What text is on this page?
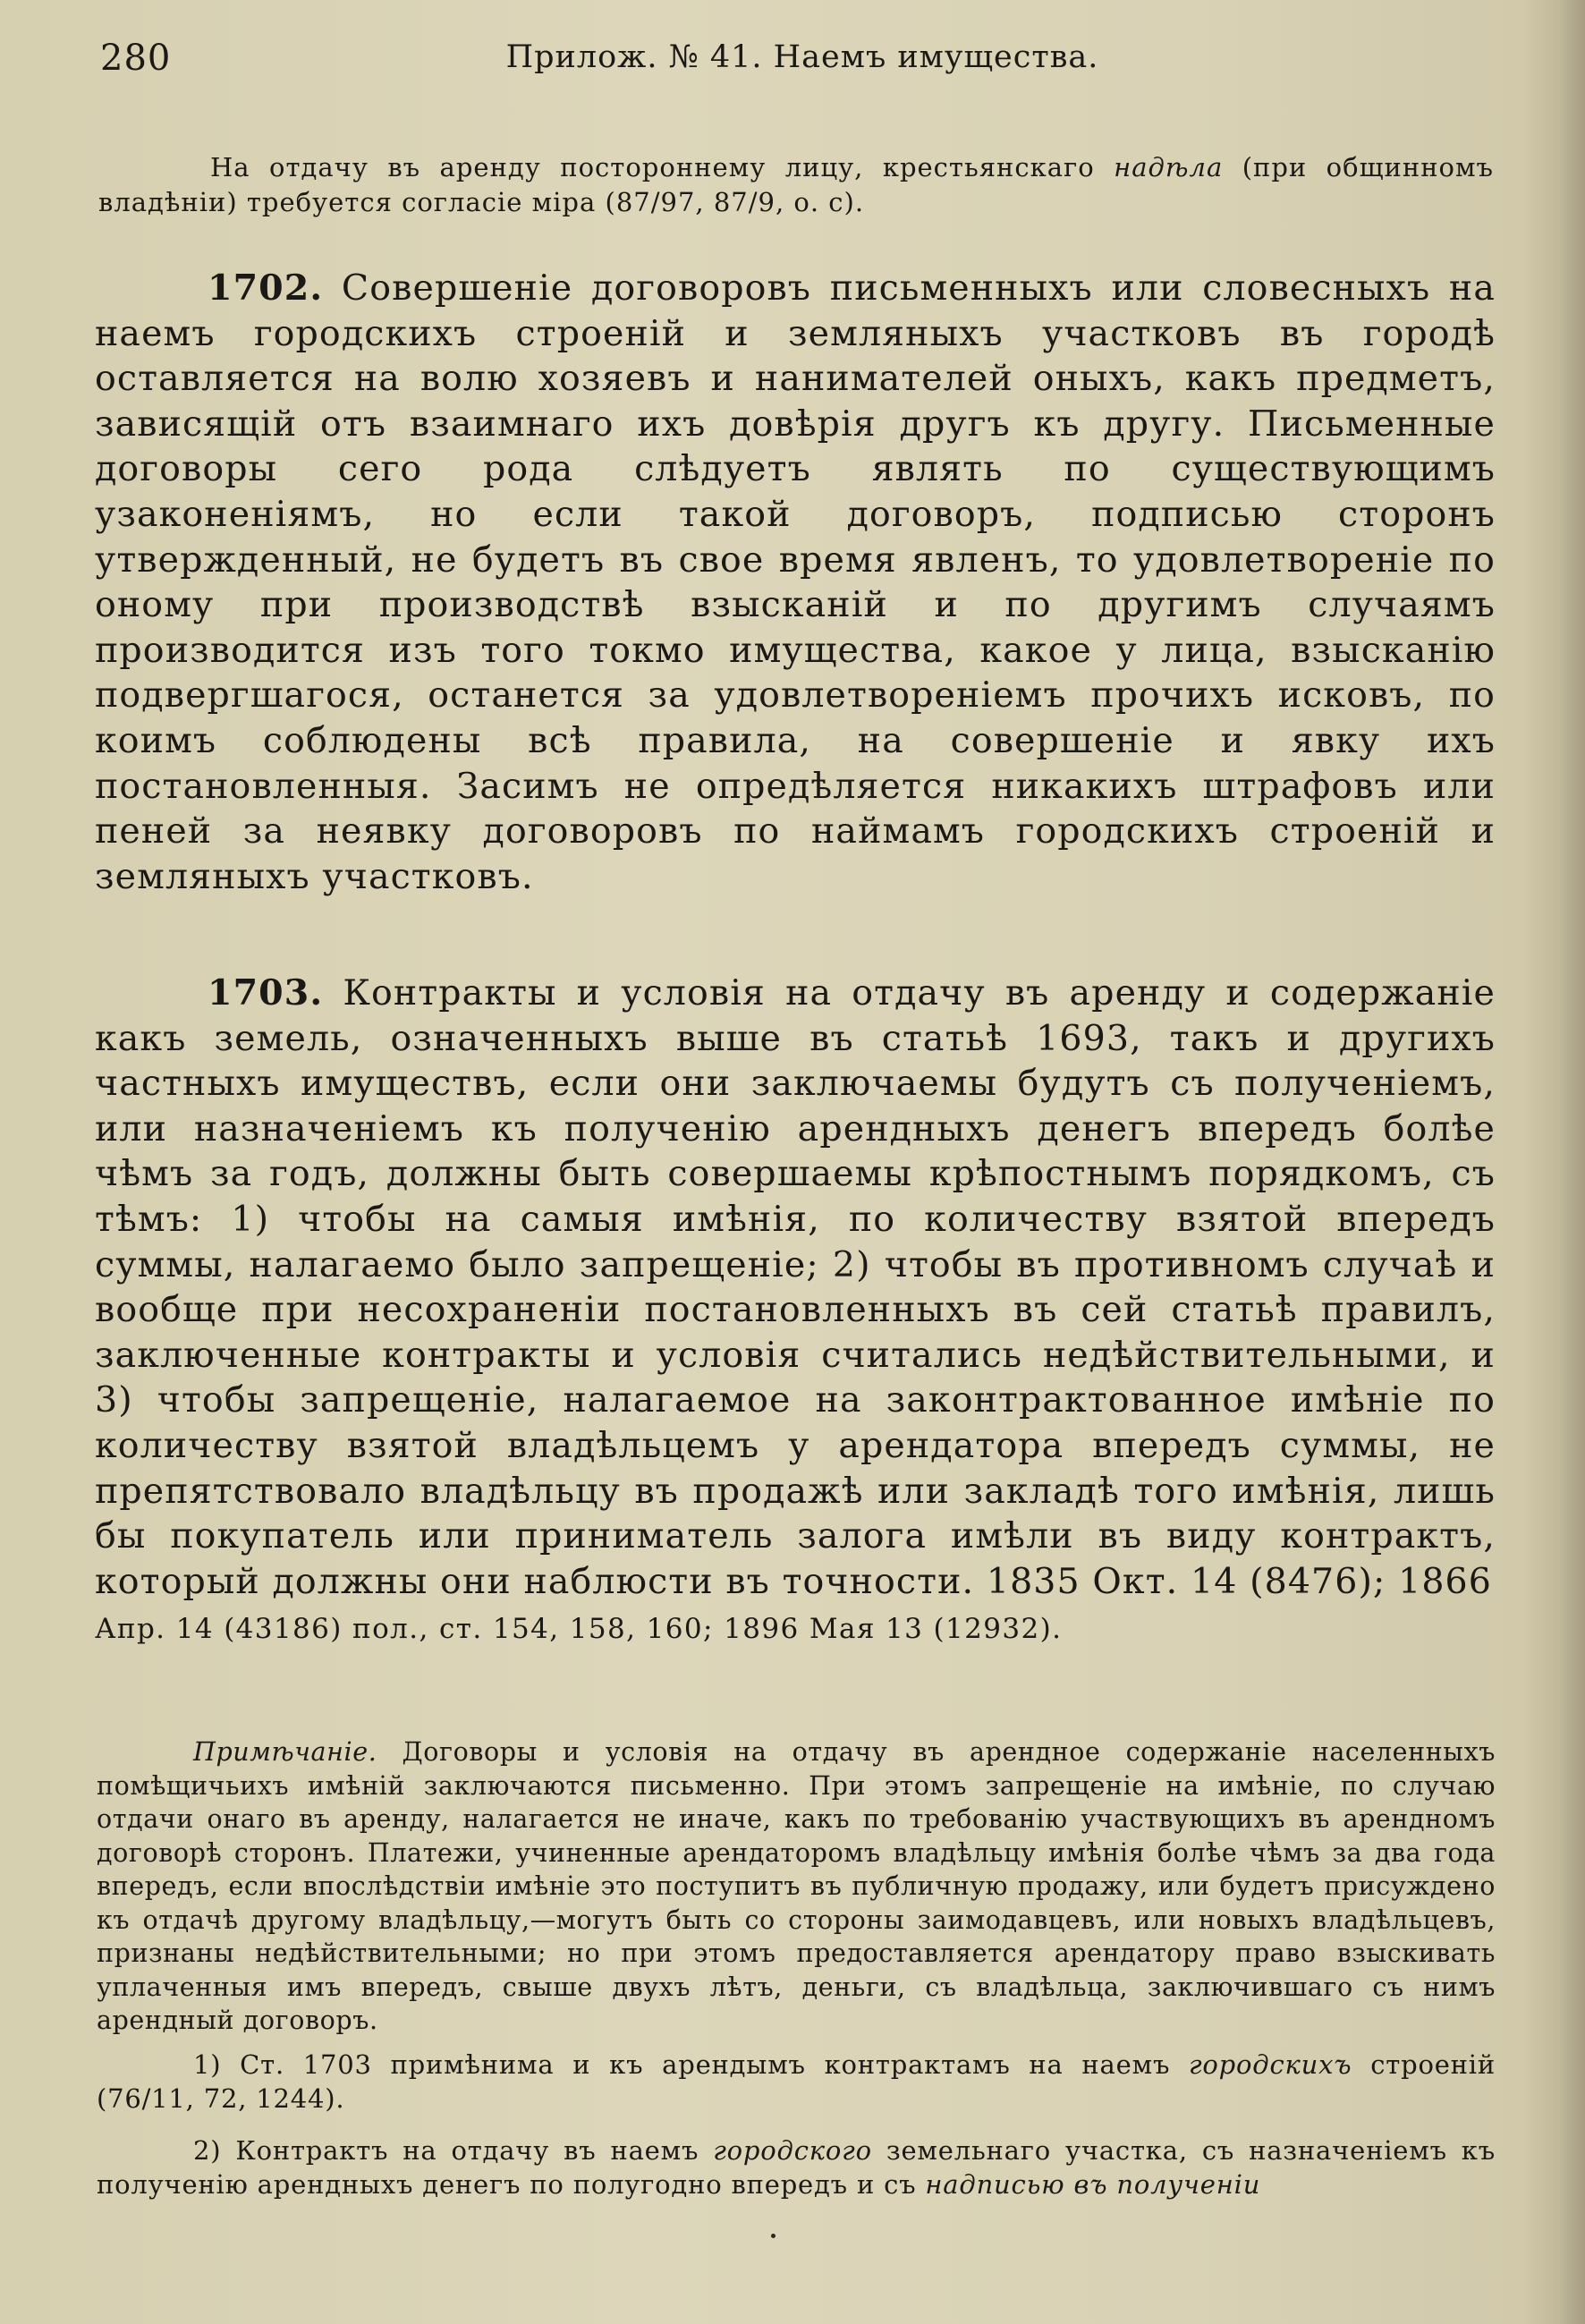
280	Прилож. № 41. Наемъ имущества.
На отдачу въ аренду постороннему лицу, крестьянскаго надѣла (при общинномъ владѣніи) требуется согласіе міра (87/97, 87/9, о. с).
1702. Совершеніе договоровъ письменныхъ или словесныхъ на наемъ городскихъ строеній и земляныхъ участковъ въ городѣ оставляется на волю хозяевъ и нанимателей оныхъ, какъ предметъ, зависящій отъ взаимнаго ихъ довѣрія другъ къ другу. Письменные договоры сего рода слѣдуетъ являть по существующимъ узаконеніямъ, но если такой договоръ, подписью сторонъ утвержденный, не будетъ въ свое время явленъ, то удовлетвореніе по оному при производствѣ взысканій и по другимъ случаямъ производится изъ того токмо имущества, какое у лица, взысканію подвергшагося, останется за удовлетвореніемъ прочихъ исковъ, по коимъ соблюдены всѣ правила, на совершеніе и явку ихъ постановленныя. Засимъ не опредѣляется никакихъ штрафовъ или пеней за неявку договоровъ по наймамъ городскихъ строеній и земляныхъ участковъ.
1703. Контракты и условія на отдачу въ аренду и содержаніе какъ земель, означенныхъ выше въ статьѣ 1693, такъ и другихъ частныхъ имуществъ, если они заключаемы будутъ съ полученіемъ, или назначеніемъ къ полученію арендныхъ денегъ впередъ болѣе чѣмъ за годъ, должны быть совершаемы крѣпостнымъ порядкомъ, съ тѣмъ: 1) чтобы на самыя имѣнія, по количеству взятой впередъ суммы, налагаемо было запрещеніе; 2) чтобы въ противномъ случаѣ и вообще при несохраненіи постановленныхъ въ сей статьѣ правилъ, заключенные контракты и условія считались недѣйствительными, и 3) чтобы запрещеніе, налагаемое на законтрактованное имѣніе по количеству взятой владѣльцемъ у арендатора впередъ суммы, не препятствовало владѣльцу въ продажѣ или закладѣ того имѣнія, лишь бы покупатель или приниматель залога имѣли въ виду контрактъ, который должны они наблюсти въ точности. 1835 Окт. 14 (8476); 1866
Апр. 14 (43186) пол., ст. 154, 158, 160; 1896 Мая 13 (12932).
Примѣчаніе. Договоры и условія на отдачу въ арендное содержаніе населенныхъ помѣщичьихъ имѣній заключаются письменно. При этомъ запрещеніе на имѣніе, по случаю отдачи онаго въ аренду, налагается не иначе, какъ по требованію участвующихъ въ арендномъ договорѣ сторонъ. Платежи, учиненные арендаторомъ владѣльцу имѣнія болѣе чѣмъ за два года впередъ, если впослѣдствіи имѣніе это поступитъ въ публичную продажу, или будетъ присуждено къ отдачѣ другому владѣльцу,—могутъ быть со стороны заимодавцевъ, или новыхъ владѣльцевъ, признаны недѣйствительными; но при этомъ предоставляется арендатору право взыскивать уплаченныя имъ впередъ, свыше двухъ лѣтъ, деньги, съ владѣльца, заключившаго съ нимъ арендный договоръ.
1) Ст. 1703 примѣнима и къ арендымъ контрактамъ на наемъ городскихъ строеній (76/11, 72, 1244).
2) Контрактъ на отдачу въ наемъ городского земельнаго участка, съ назначеніемъ къ полученію арендныхъ денегъ по полугодно впередъ и съ надписью въ полученіи
